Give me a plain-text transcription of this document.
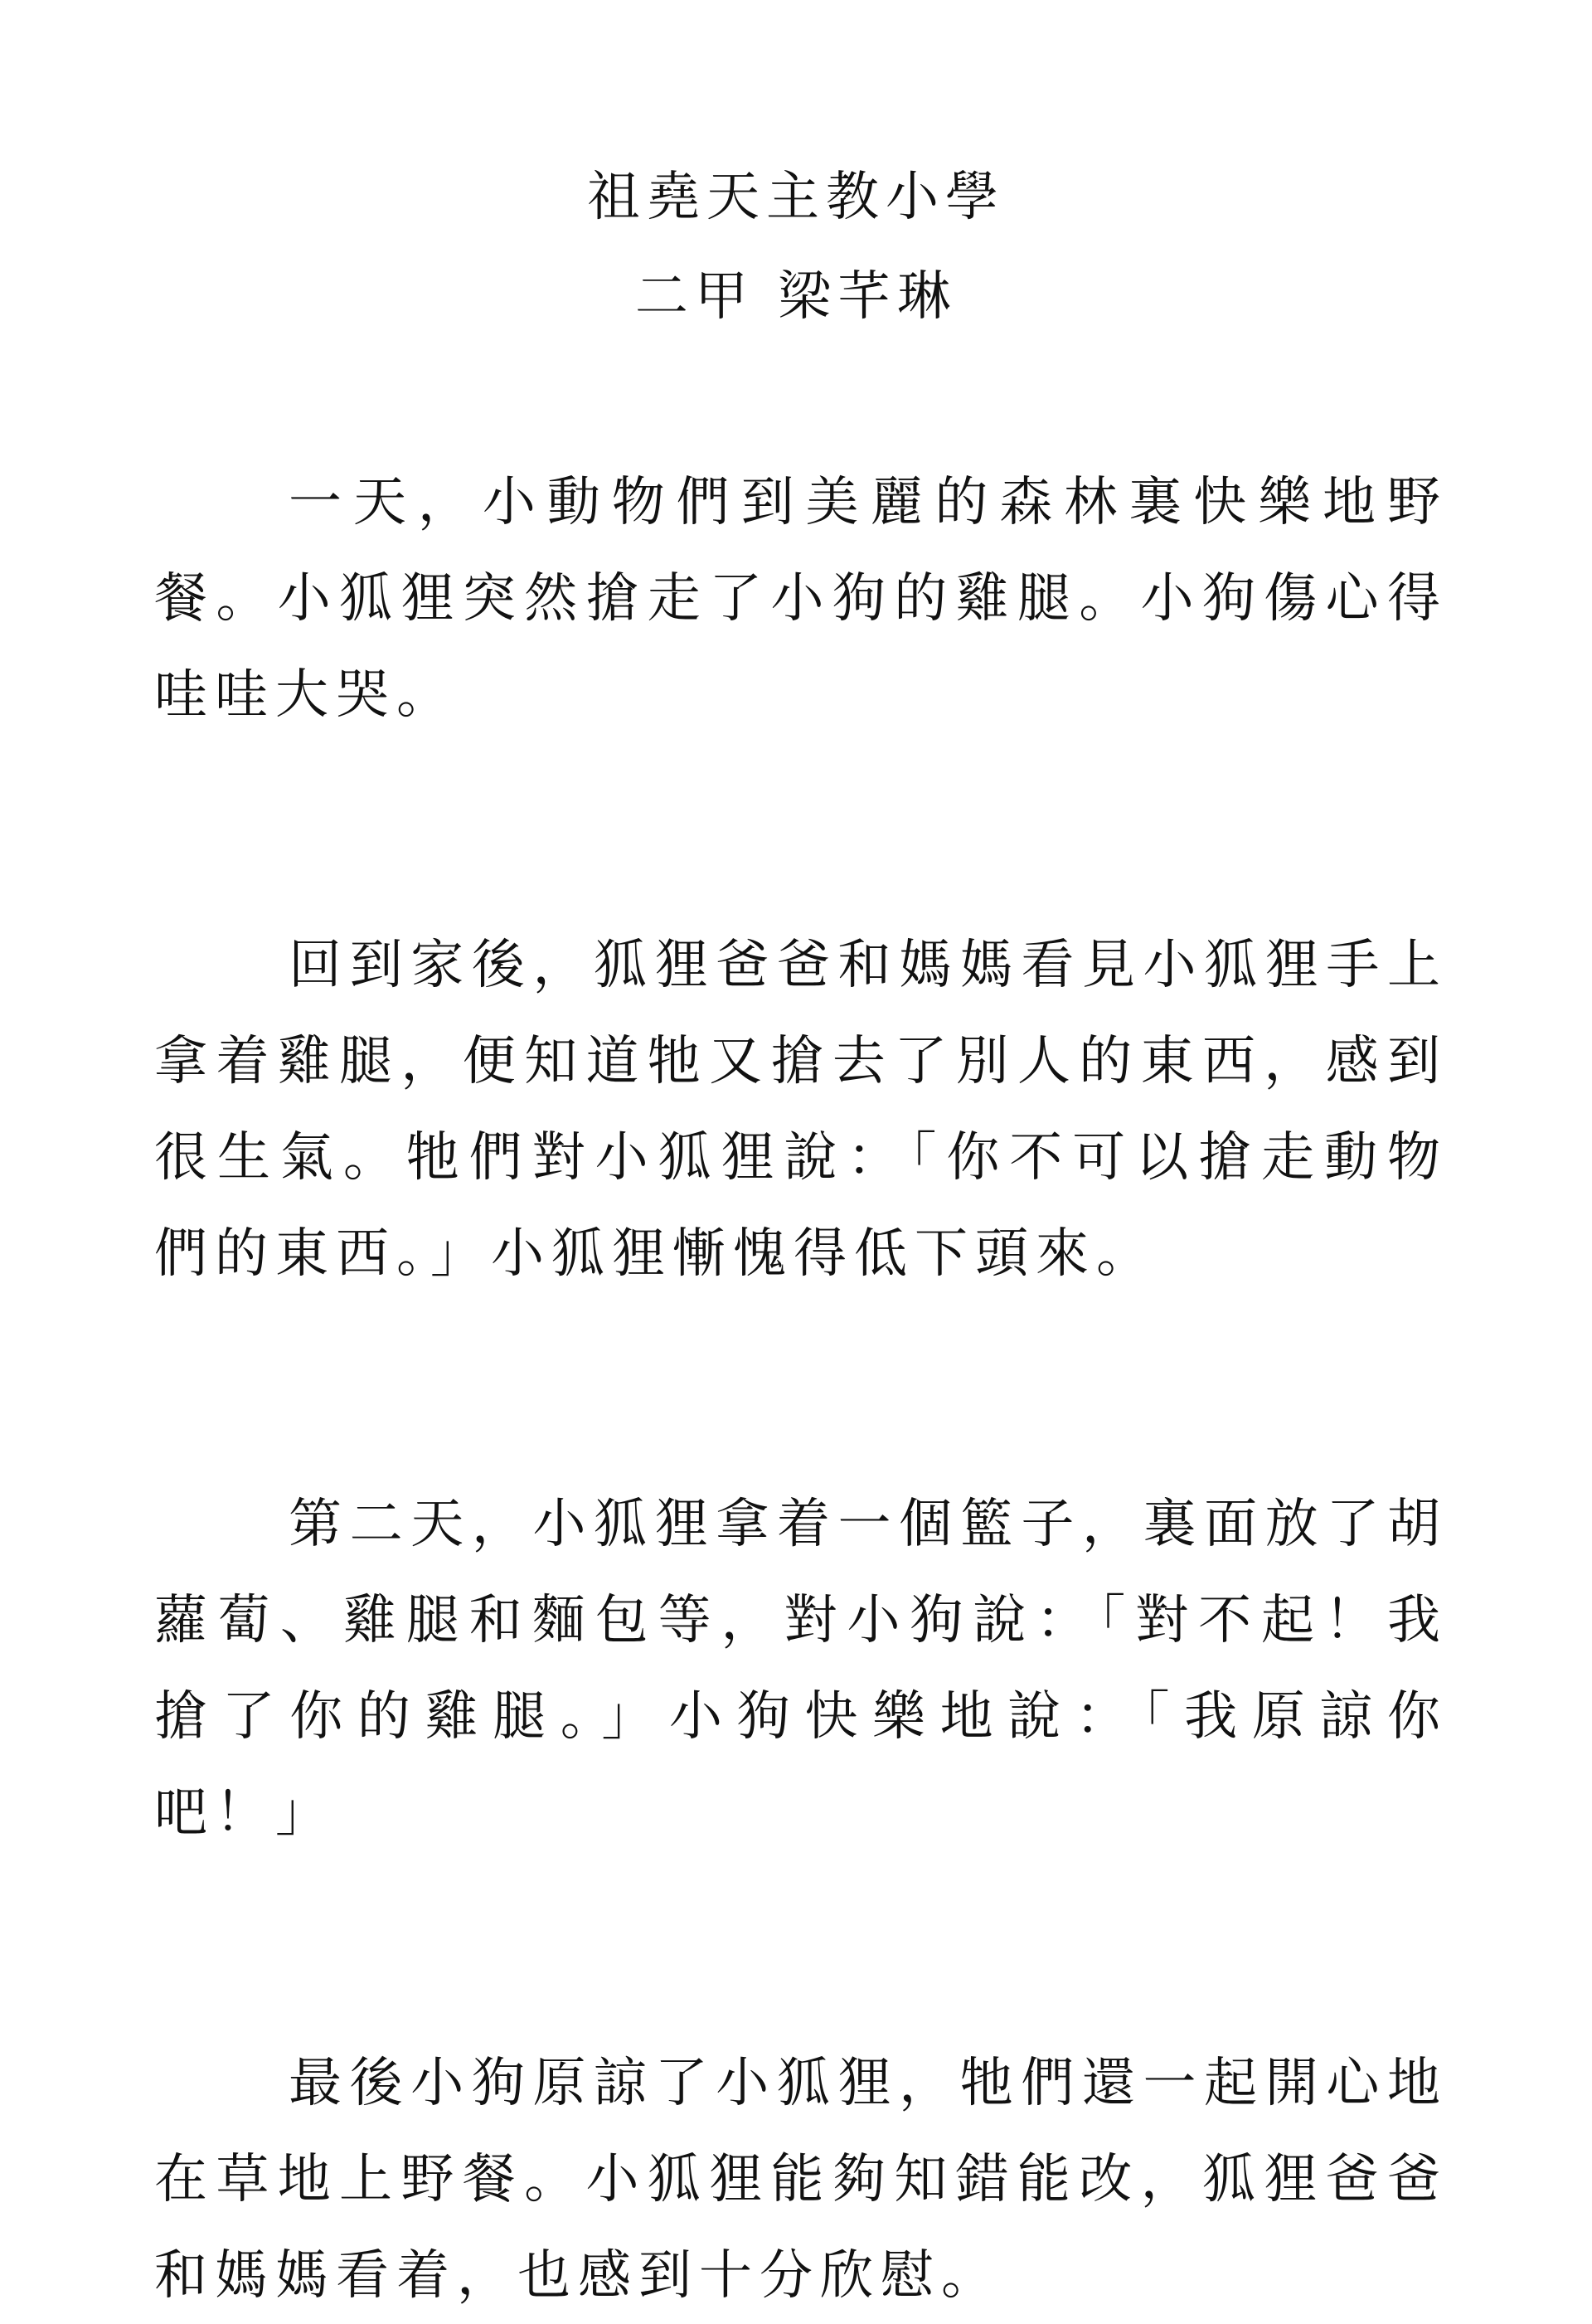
祖堯天主教小學
二甲 梁芊琳

一天，小動物們到美麗的森林裏快樂地野餐。小狐狸突然搶走了小狗的雞腿。小狗傷心得哇哇大哭。

回到家後，狐狸爸爸和媽媽看見小狐狸手上拿着雞腿，便知道牠又搶去了別人的東西，感到很生氣。牠們對小狐狸說：「你不可以搶走動物們的東西。」小狐狸慚愧得低下頭來。

第二天，小狐狸拿着一個籃子，裏面放了胡蘿蔔、雞腿和麵包等，對小狗說：「對不起！我搶了你的雞腿。」小狗快樂地說：「我原諒你吧！」

最後小狗原諒了小狐狸，牠們還一起開心地在草地上野餐。小狐狸能夠知錯能改，狐狸爸爸和媽媽看着，也感到十分欣慰。
